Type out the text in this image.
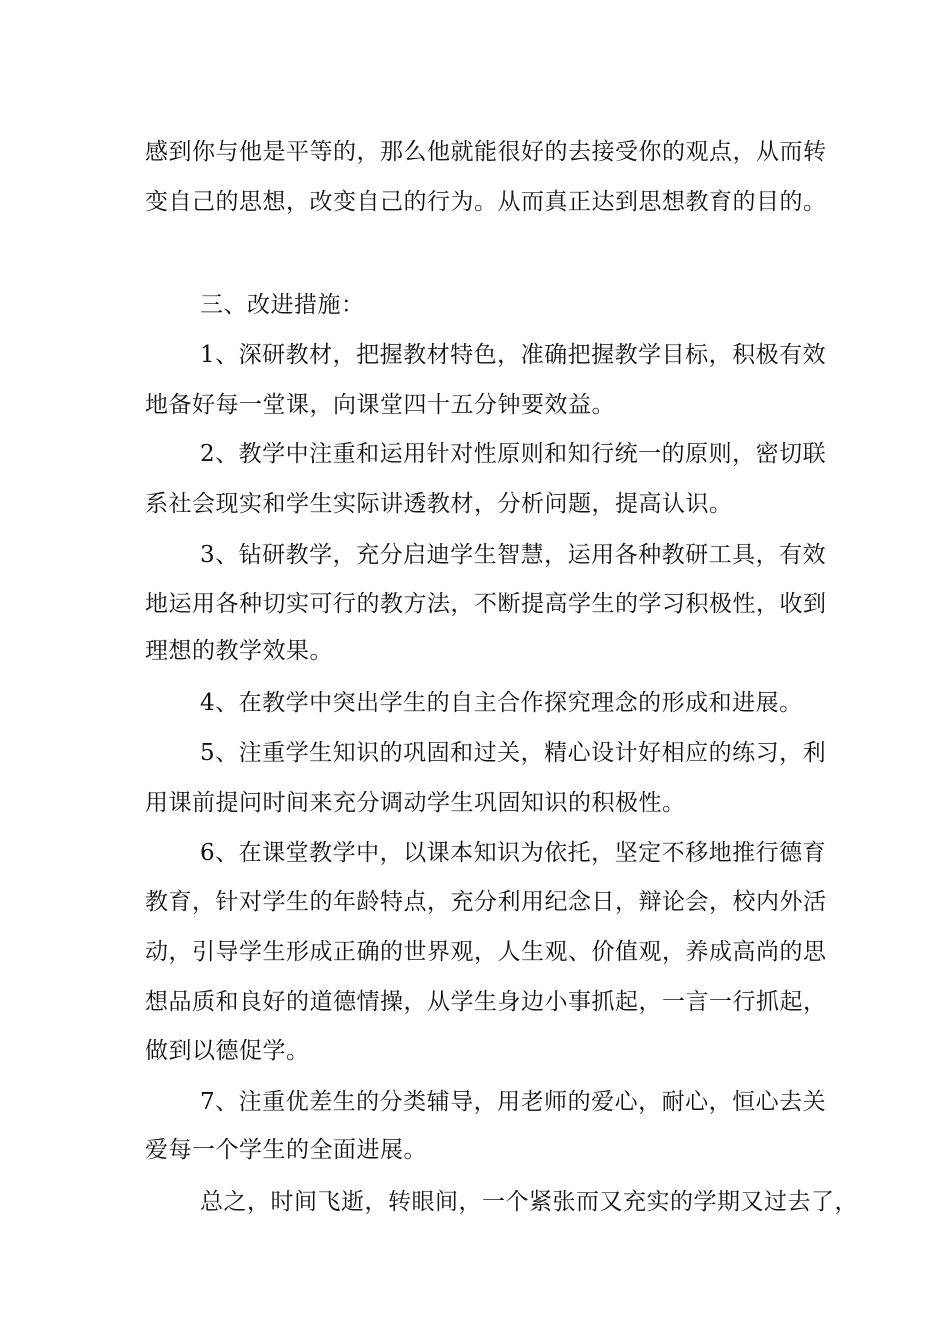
感到你与他是平等的，那么他就能很好的去接受你的观点，从而转
变自己的思想，改变自己的行为。从而真正达到思想教育的目的。
三、改进措施：
1、深研教材，把握教材特色，准确把握教学目标，积极有效
地备好每一堂课，向课堂四十五分钟要效益。
2、教学中注重和运用针对性原则和知行统一的原则，密切联
系社会现实和学生实际讲透教材，分析问题，提高认识。
3、钻研教学，充分启迪学生智慧，运用各种教研工具，有效
地运用各种切实可行的教方法，不断提高学生的学习积极性，收到
理想的教学效果。
4、在教学中突出学生的自主合作探究理念的形成和进展。
5、注重学生知识的巩固和过关，精心设计好相应的练习，利
用课前提问时间来充分调动学生巩固知识的积极性。
6、在课堂教学中，以课本知识为依托，坚定不移地推行德育
教育，针对学生的年龄特点，充分利用纪念日，辩论会，校内外活
动，引导学生形成正确的世界观，人生观、价值观，养成高尚的思
想品质和良好的道德情操，从学生身边小事抓起，一言一行抓起，
做到以德促学。
7、注重优差生的分类辅导，用老师的爱心，耐心，恒心去关
爱每一个学生的全面进展。
总之，时间飞逝，转眼间，一个紧张而又充实的学期又过去了，
